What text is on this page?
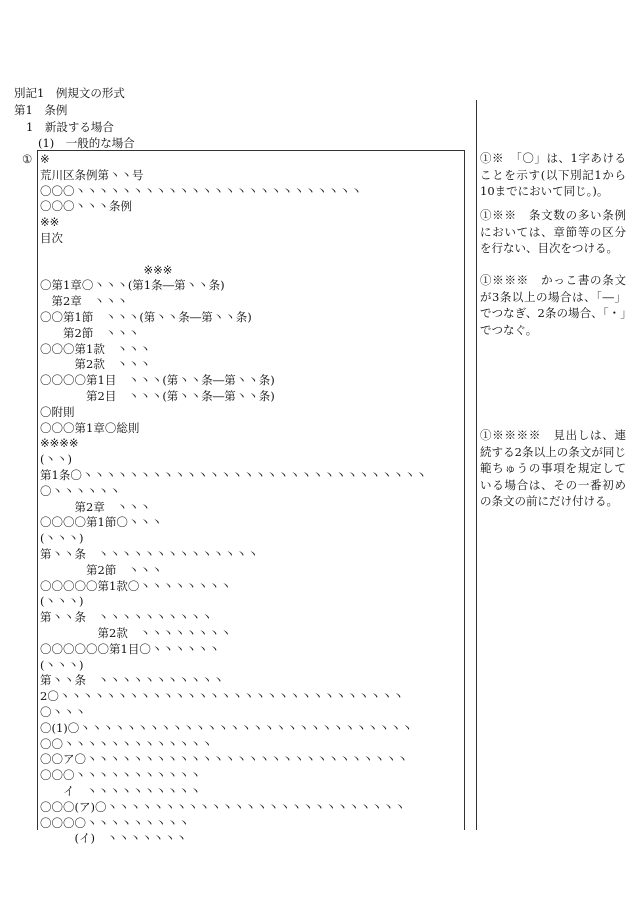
別記1　例規文の形式
第1　条例
1　新設する場合
(1)　一般的な場合
① ※
荒川区条例第丶丶号
〇〇〇丶丶丶丶丶丶丶丶丶丶丶丶丶丶丶丶丶丶丶丶丶丶丶丶丶
〇〇〇丶丶丶条例
※※
目次
※※※
〇第1章〇丶丶丶(第1条―第丶丶条)
第2章　丶丶丶
〇〇第1節　丶丶丶(第丶丶条―第丶丶条)
第2節　丶丶丶
〇〇〇第1款　丶丶丶
第2款　丶丶丶
〇〇〇〇第1目　丶丶丶(第丶丶条―第丶丶条)
第2目　丶丶丶(第丶丶条―第丶丶条)
〇附則
〇〇〇第1章〇総則
※※※※
(丶丶)
第1条〇丶丶丶丶丶丶丶丶丶丶丶丶丶丶丶丶丶丶丶丶丶丶丶丶丶丶丶丶丶丶
〇丶丶丶丶丶丶
第2章　丶丶丶
〇〇〇〇第1節〇丶丶丶
(丶丶丶)
第丶丶条　丶丶丶丶丶丶丶丶丶丶丶丶丶丶
第2節　丶丶丶
〇〇〇〇〇第1款〇丶丶丶丶丶丶丶丶
(丶丶丶)
第丶丶条　丶丶丶丶丶丶丶丶丶丶
第2款　丶丶丶丶丶丶丶丶
〇〇〇〇〇〇第1目〇丶丶丶丶丶丶
(丶丶丶)
第丶丶条　丶丶丶丶丶丶丶丶丶丶丶
2〇丶丶丶丶丶丶丶丶丶丶丶丶丶丶丶丶丶丶丶丶丶丶丶丶丶丶丶丶丶丶
〇丶丶丶
〇(1)〇丶丶丶丶丶丶丶丶丶丶丶丶丶丶丶丶丶丶丶丶丶丶丶丶丶丶丶丶丶
〇〇丶丶丶丶丶丶丶丶丶丶丶丶丶
〇〇ア〇丶丶丶丶丶丶丶丶丶丶丶丶丶丶丶丶丶丶丶丶丶丶丶丶丶丶丶丶
〇〇〇丶丶丶丶丶丶丶丶丶丶丶
イ　丶丶丶丶丶丶丶丶丶丶
〇〇〇(ア)〇丶丶丶丶丶丶丶丶丶丶丶丶丶丶丶丶丶丶丶丶丶丶丶丶丶丶
〇〇〇〇丶丶丶丶丶丶丶丶丶
(イ)　丶丶丶丶丶丶丶
①※　「〇」は、1字あけることを示す(以下別記1から10までにおいて同じ。)。
①※※　条文数の多い条例においては、章節等の区分を行ない、目次をつける。
①※※※　かっこ書の条文が3条以上の場合は、「―」でつなぎ、2条の場合、「・」でつなぐ。
①※※※※　見出しは、連続する2条以上の条文が同じ範ちゅうの事項を規定している場合は、その一番初めの条文の前にだけ付ける。
